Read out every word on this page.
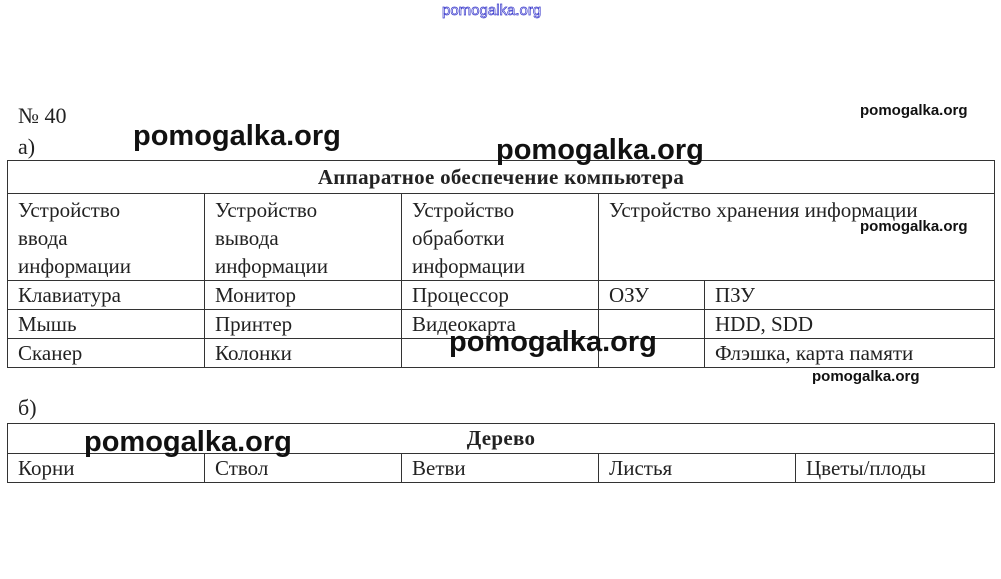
pomogalka.org
№ 40
а)
Аппаратное обеспечение компьютера				

Устройство
ввода
информации	Устройство
вывода
информации	Устройство
обработки
информации	Устройство хранения информации	

Клавиатура	Монитор	Процессор	ОЗУ	ПЗУ
Мышь	Принтер	Видеокарта		HDD, SDD
Сканер	Колонки			Флэшка, карта памяти
б)
Дерево
Корни	Ствол	Ветви	Листья	Цветы/плоды
pomogalka.org	pomogalka.org
pomogalka.org
pomogalka.org
pomogalka.org
pomogalka.org
pomogalka.org
